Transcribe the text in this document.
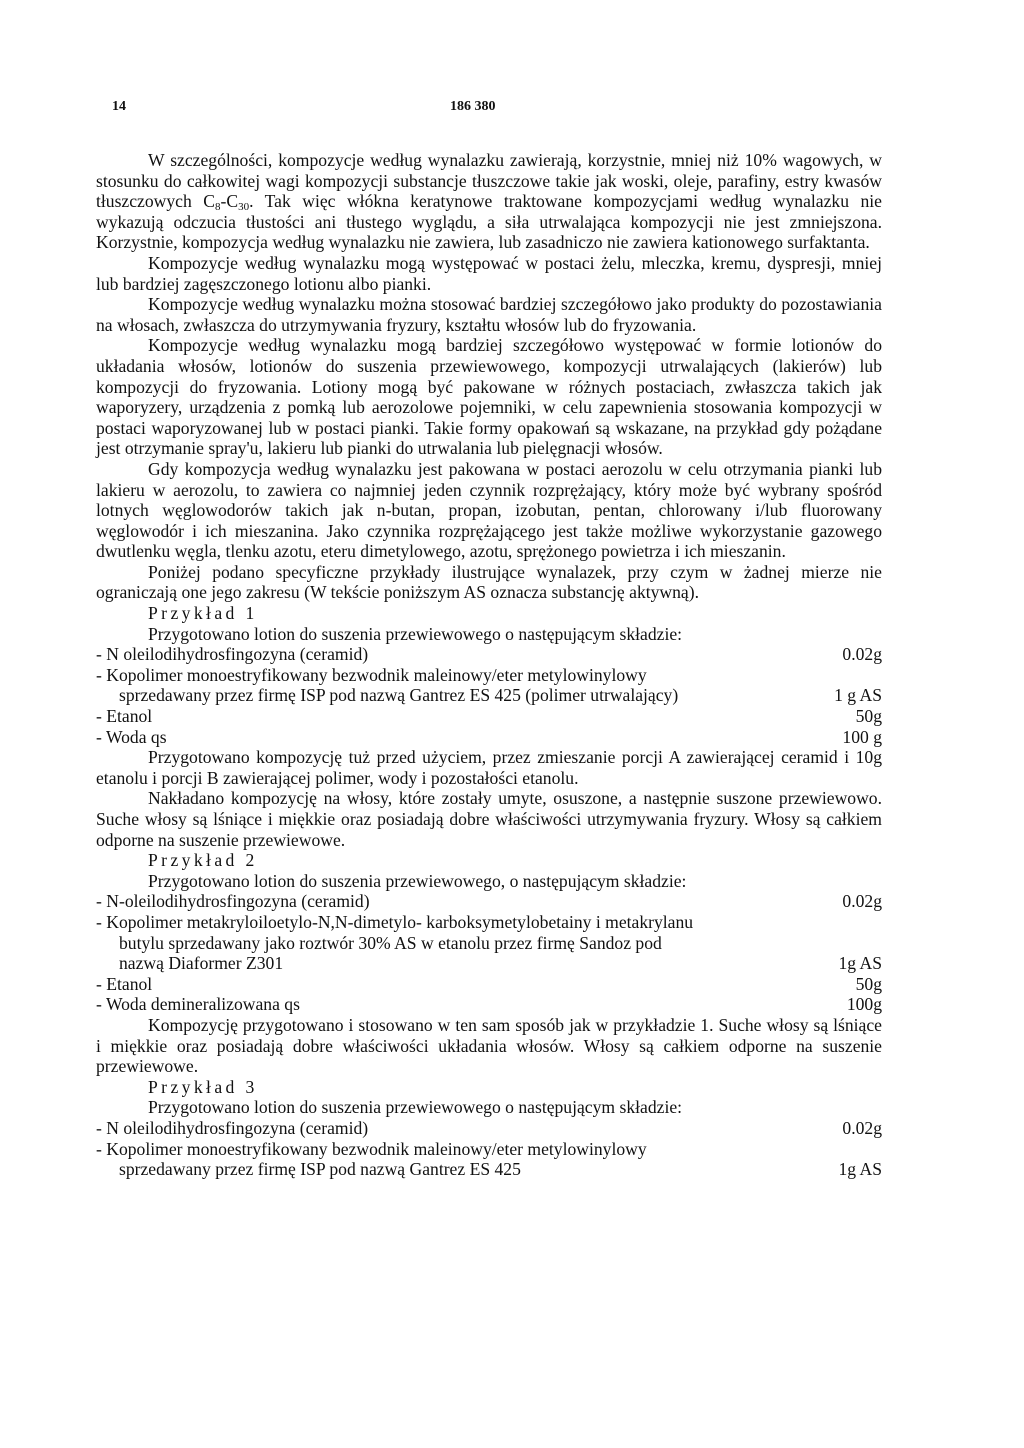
14	186 380

W szczególności, kompozycje według wynalazku zawierają, korzystnie, mniej niż 10% wagowych, w stosunku do całkowitej wagi kompozycji substancje tłuszczowe takie jak woski, oleje, parafiny, estry kwasów tłuszczowych $C_8-C_{30}$. Tak więc włókna keratynowe traktowane kompozycjami według wynalazku nie wykazują odczucia tłustości ani tłustego wyglądu, a siła utrwalająca kompozycji nie jest zmniejszona. Korzystnie, kompozycja według wynalazku nie zawiera, lub zasadniczo nie zawiera kationowego surfaktanta.

Kompozycje według wynalazku mogą występować w postaci żelu, mleczka, kremu, dyspresji, mniej lub bardziej zagęszczonego lotionu albo pianki.

Kompozycje według wynalazku można stosować bardziej szczegółowo jako produkty do pozostawiania na włosach, zwłaszcza do utrzymywania fryzury, kształtu włosów lub do fryzowania.

Kompozycje według wynalazku mogą bardziej szczegółowo występować w formie lotionów do układania włosów, lotionów do suszenia przewiewowego, kompozycji utrwalających (lakierów) lub kompozycji do fryzowania. Lotiony mogą być pakowane w różnych postaciach, zwłaszcza takich jak waporyzery, urządzenia z pomką lub aerozolowe pojemniki, w celu zapewnienia stosowania kompozycji w postaci waporyzowanej lub w postaci pianki. Takie formy opakowań są wskazane, na przykład gdy pożądane jest otrzymanie spray'u, lakieru lub pianki do utrwalania lub pielęgnacji włosów.

Gdy kompozycja według wynalazku jest pakowana w postaci aerozolu w celu otrzymania pianki lub lakieru w aerozolu, to zawiera co najmniej jeden czynnik rozprężający, który może być wybrany spośród lotnych węglowodorów takich jak n-butan, propan, izobutan, pentan, chlorowany i/lub fluorowany węglowodór i ich mieszanina. Jako czynnika rozprężającego jest także możliwe wykorzystanie gazowego dwutlenku węgla, tlenku azotu, eteru dimetylowego, azotu, sprężonego powietrza i ich mieszanin.

Poniżej podano specyficzne przykłady ilustrujące wynalazek, przy czym w żadnej mierze nie ograniczają one jego zakresu (W tekście poniższym AS oznacza substancję aktywną).

Przykład 1

Przygotowano lotion do suszenia przewiewowego o następującym składzie:

- N oleilodihydrosfingozyna (ceramid)	0.02g

- Kopolimer monoestryfikowany bezwodnik maleinowy/eter metylowinylowy

sprzedawany przez firmę ISP pod nazwą Gantrez ES 425 (polimer utrwalający)	1 g AS

- Etanol	50g

- Woda qs	100 g

Przygotowano kompozycję tuż przed użyciem, przez zmieszanie porcji A zawierającej ceramid i 10g etanolu i porcji B zawierającej polimer, wody i pozostałości etanolu.

Nakładano kompozycję na włosy, które zostały umyte, osuszone, a następnie suszone przewiewowo. Suche włosy są lśniące i miękkie oraz posiadają dobre właściwości utrzymywania fryzury. Włosy są całkiem odporne na suszenie przewiewowe.

Przykład 2

Przygotowano lotion do suszenia przewiewowego, o następującym składzie:

- N-oleilodihydrosfingozyna (ceramid)	0.02g

- Kopolimer metakryloiloetylo-N,N-dimetylo- karboksymetylobetainy i metakrylanu

butylu sprzedawany jako roztwór 30% AS w etanolu przez firmę Sandoz pod

nazwą Diaformer Z301	1g AS

- Etanol	50g

- Woda demineralizowana qs	100g

Kompozycję przygotowano i stosowano w ten sam sposób jak w przykładzie 1. Suche włosy są lśniące i miękkie oraz posiadają dobre właściwości układania włosów. Włosy są całkiem odporne na suszenie przewiewowe.

Przykład 3

Przygotowano lotion do suszenia przewiewowego o następującym składzie:

- N oleilodihydrosfingozyna (ceramid)	0.02g

- Kopolimer monoestryfikowany bezwodnik maleinowy/eter metylowinylowy

sprzedawany przez firmę ISP pod nazwą Gantrez ES 425	1g AS
